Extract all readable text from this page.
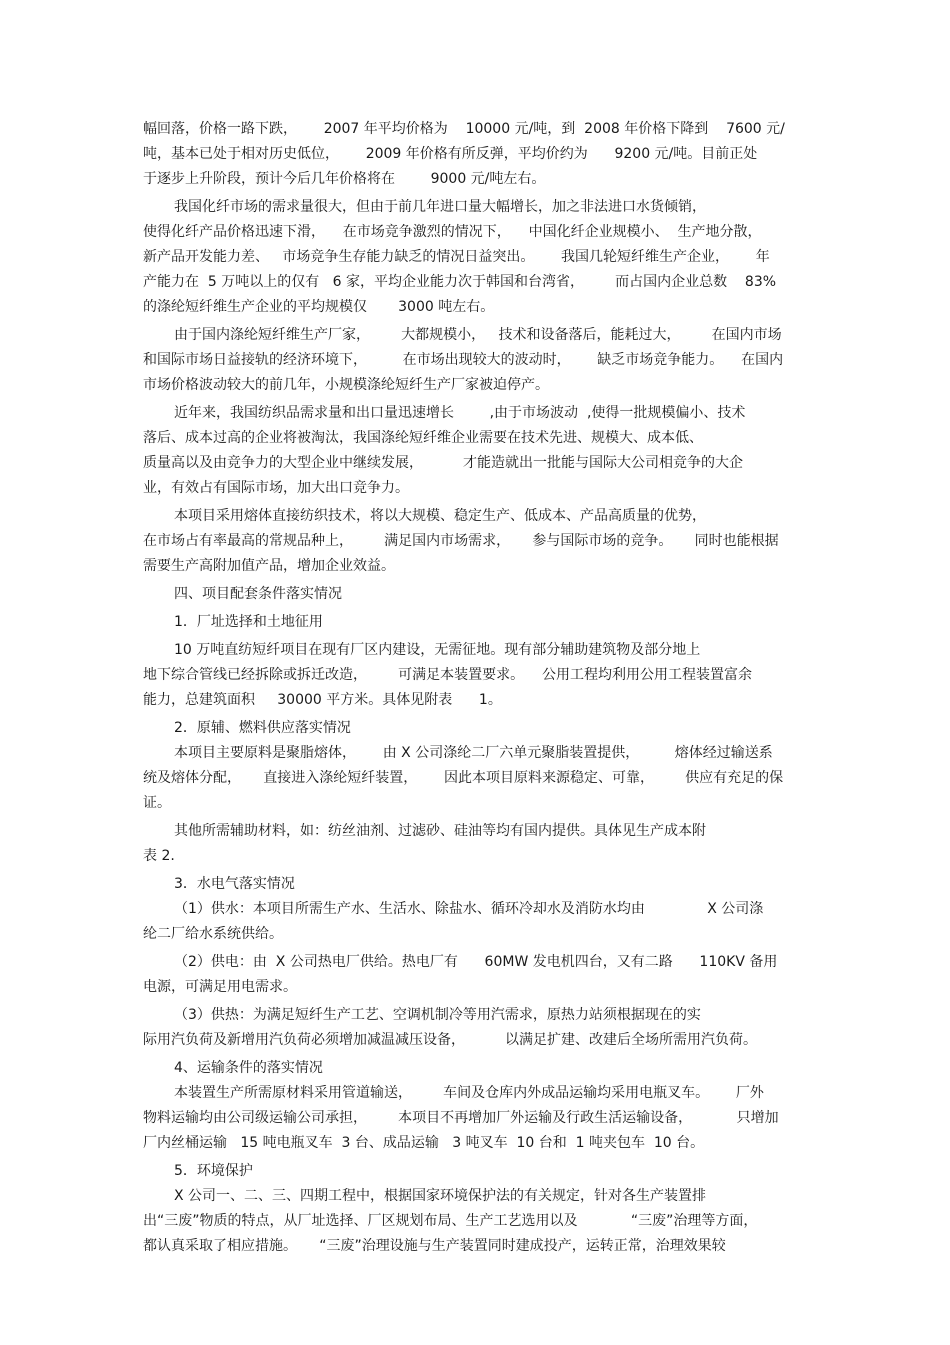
幅回落，价格一路下跌，      2007 年平均价格为    10000 元/吨，到  2008 年价格下降到    7600 元/
吨，基本已处于相对历史低位，      2009 年价格有所反弹，平均价约为      9200 元/吨。目前正处
于逐步上升阶段，预计今后几年价格将在        9000 元/吨左右。
我国化纤市场的需求量很大，但由于前几年进口量大幅增长，加之非法进口水货倾销，
使得化纤产品价格迅速下滑，    在市场竞争激烈的情况下，    中国化纤企业规模小、  生产地分散，
新产品开发能力差、   市场竞争生存能力缺乏的情况日益突出。      我国几轮短纤维生产企业，      年
产能力在  5 万吨以上的仅有   6 家，平均企业能力次于韩国和台湾省，       而占国内企业总数    83%
的涤纶短纤维生产企业的平均规模仅       3000 吨左右。
由于国内涤纶短纤维生产厂家，       大都规模小，   技术和设备落后，能耗过大，       在国内市场
和国际市场日益接轨的经济环境下，        在市场出现较大的波动时，      缺乏市场竞争能力。    在国内
市场价格波动较大的前几年，小规模涤纶短纤生产厂家被迫停产。
近年来，我国纺织品需求量和出口量迅速增长        ,由于市场波动  ,使得一批规模偏小、技术
落后、成本过高的企业将被淘汰，我国涤纶短纤维企业需要在技术先进、规模大、成本低、
质量高以及由竞争力的大型企业中继续发展，         才能造就出一批能与国际大公司相竞争的大企
业，有效占有国际市场，加大出口竞争力。
本项目采用熔体直接纺织技术，将以大规模、稳定生产、低成本、产品高质量的优势，
在市场占有率最高的常规品种上，       满足国内市场需求，     参与国际市场的竞争。     同时也能根据
需要生产高附加值产品，增加企业效益。
四、项目配套条件落实情况
1．厂址选择和土地征用
10 万吨直纺短纤项目在现有厂区内建设，无需征地。现有部分辅助建筑物及部分地上
地下综合管线已经拆除或拆迁改造，       可满足本装置要求。    公用工程均利用公用工程装置富余
能力，总建筑面积     30000 平方米。具体见附表      1。
2．原辅、燃料供应落实情况
本项目主要原料是聚脂熔体，      由 X 公司涤纶二厂六单元聚脂装置提供，        熔体经过输送系
统及熔体分配，     直接进入涤纶短纤装置，      因此本项目原料来源稳定、可靠，       供应有充足的保
证。
其他所需辅助材料，如：纺丝油剂、过滤砂、硅油等均有国内提供。具体见生产成本附
表 2.
3．水电气落实情况
（1）供水：本项目所需生产水、生活水、除盐水、循环冷却水及消防水均由              X 公司涤
纶二厂给水系统供给。
（2）供电：由  X 公司热电厂供给。热电厂有      60MW 发电机四台，又有二路      110KV 备用
电源，可满足用电需求。
（3）供热：为满足短纤生产工艺、空调机制冷等用汽需求，原热力站须根据现在的实
际用汽负荷及新增用汽负荷必须增加减温减压设备，         以满足扩建、改建后全场所需用汽负荷。
4、运输条件的落实情况
本装置生产所需原材料采用管道输送，       车间及仓库内外成品运输均采用电瓶叉车。      厂外
物料运输均由公司级运输公司承担，       本项目不再增加厂外运输及行政生活运输设备，          只增加
厂内丝桶运输   15 吨电瓶叉车  3 台、成品运输   3 吨叉车  10 台和  1 吨夹包车  10 台。
5．环境保护
X 公司一、二、三、四期工程中，根据国家环境保护法的有关规定，针对各生产装置排
出“三废”物质的特点，从厂址选择、厂区规划布局、生产工艺选用以及            “三废”治理等方面，
都认真采取了相应措施。     “三废”治理设施与生产装置同时建成投产，运转正常，治理效果较
